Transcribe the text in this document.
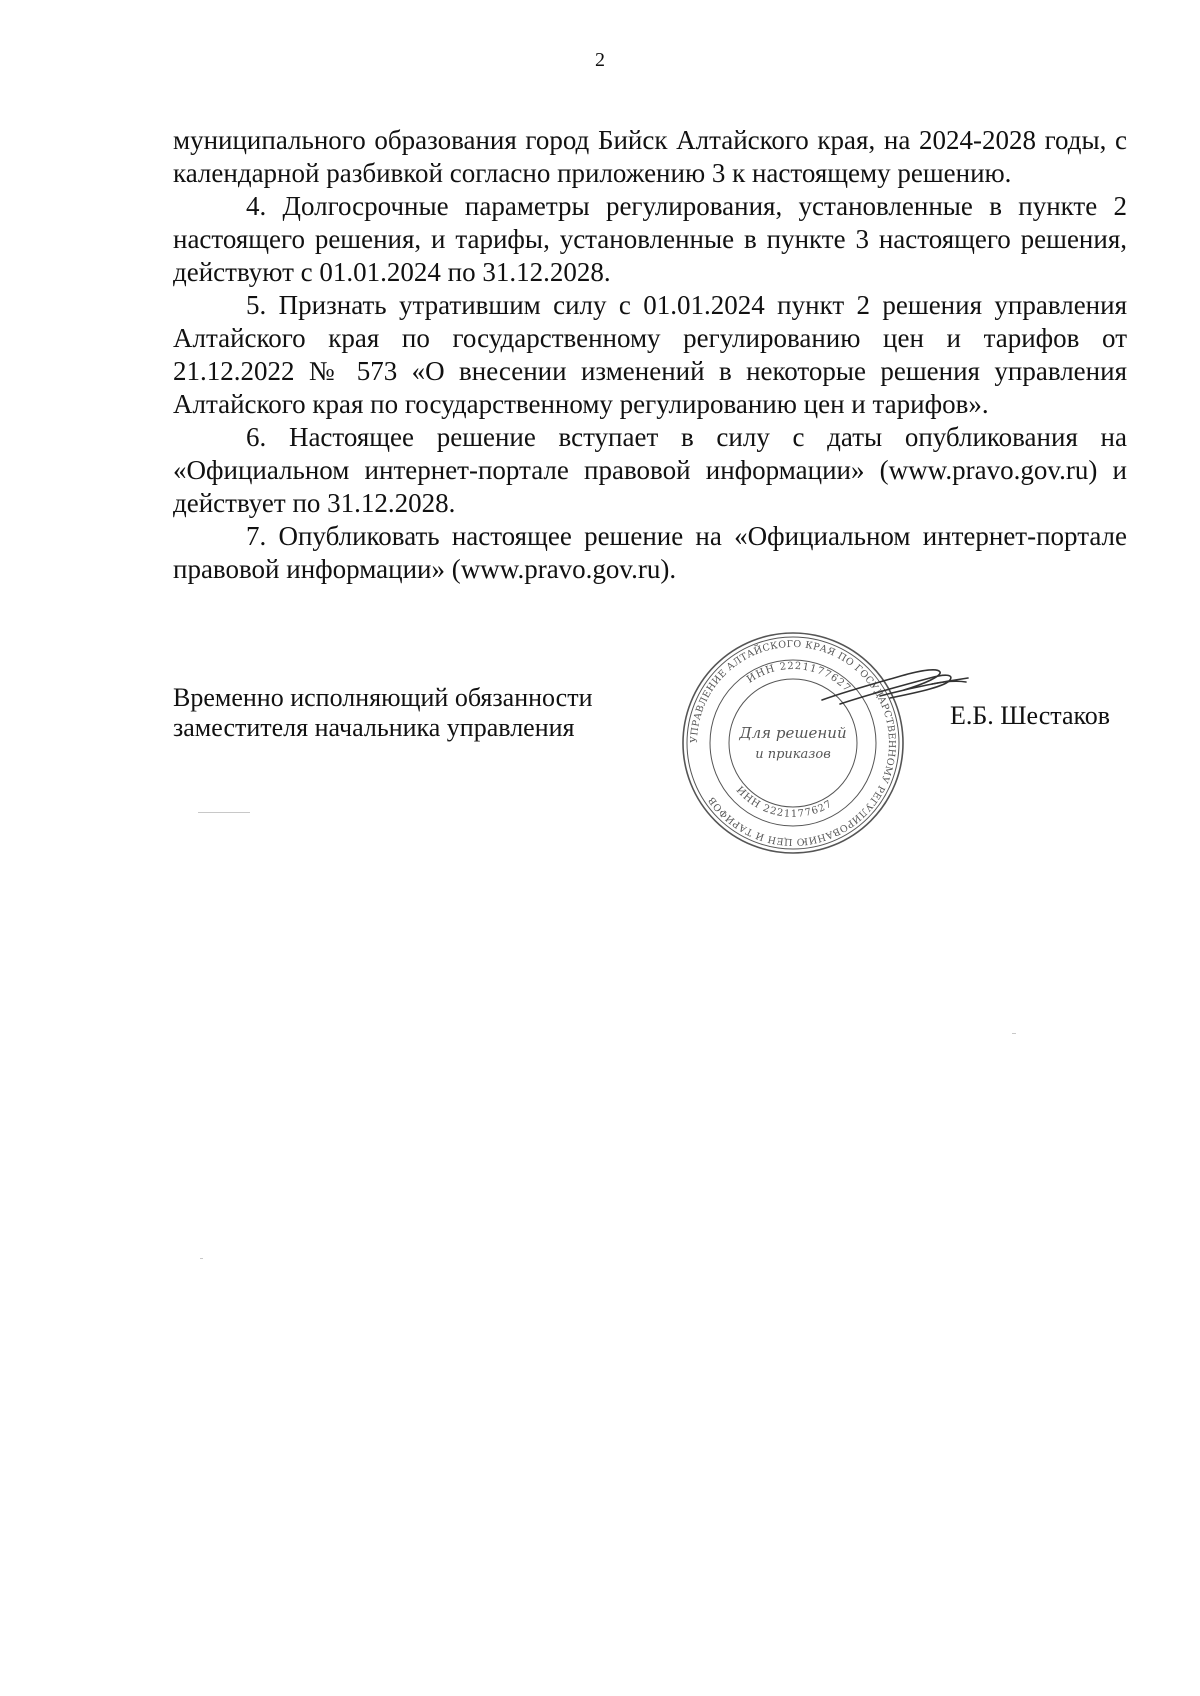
2

муниципального образования город Бийск Алтайского края, на 2024-2028 годы, с календарной разбивкой согласно приложению 3 к настоящему решению.

4. Долгосрочные параметры регулирования, установленные в пункте 2 настоящего решения, и тарифы, установленные в пункте 3 настоящего решения, действуют с 01.01.2024 по 31.12.2028.

5. Признать утратившим силу с 01.01.2024 пункт 2 решения управления Алтайского края по государственному регулированию цен и тарифов от 21.12.2022 № 573 «О внесении изменений в некоторые решения управления Алтайского края по государственному регулированию цен и тарифов».

6. Настоящее решение вступает в силу с даты опубликования на «Официальном интернет-портале правовой информации» (www.pravo.gov.ru) и действует по 31.12.2028.

7. Опубликовать настоящее решение на «Официальном интернет-портале правовой информации» (www.pravo.gov.ru).

Временно исполняющий обязанности
заместителя начальника управления	УПРАВЛЕНИЕ АЛТАЙСКОГО КРАЯ ПО ГОСУДАРСТВЕННОМУ РЕГУЛИРОВАНИЮ ЦЕН И ТАРИФОВ
ИНН 2221177627
ИНН 2221177627
Для решений
и приказов
Е.Б. Шестаков
